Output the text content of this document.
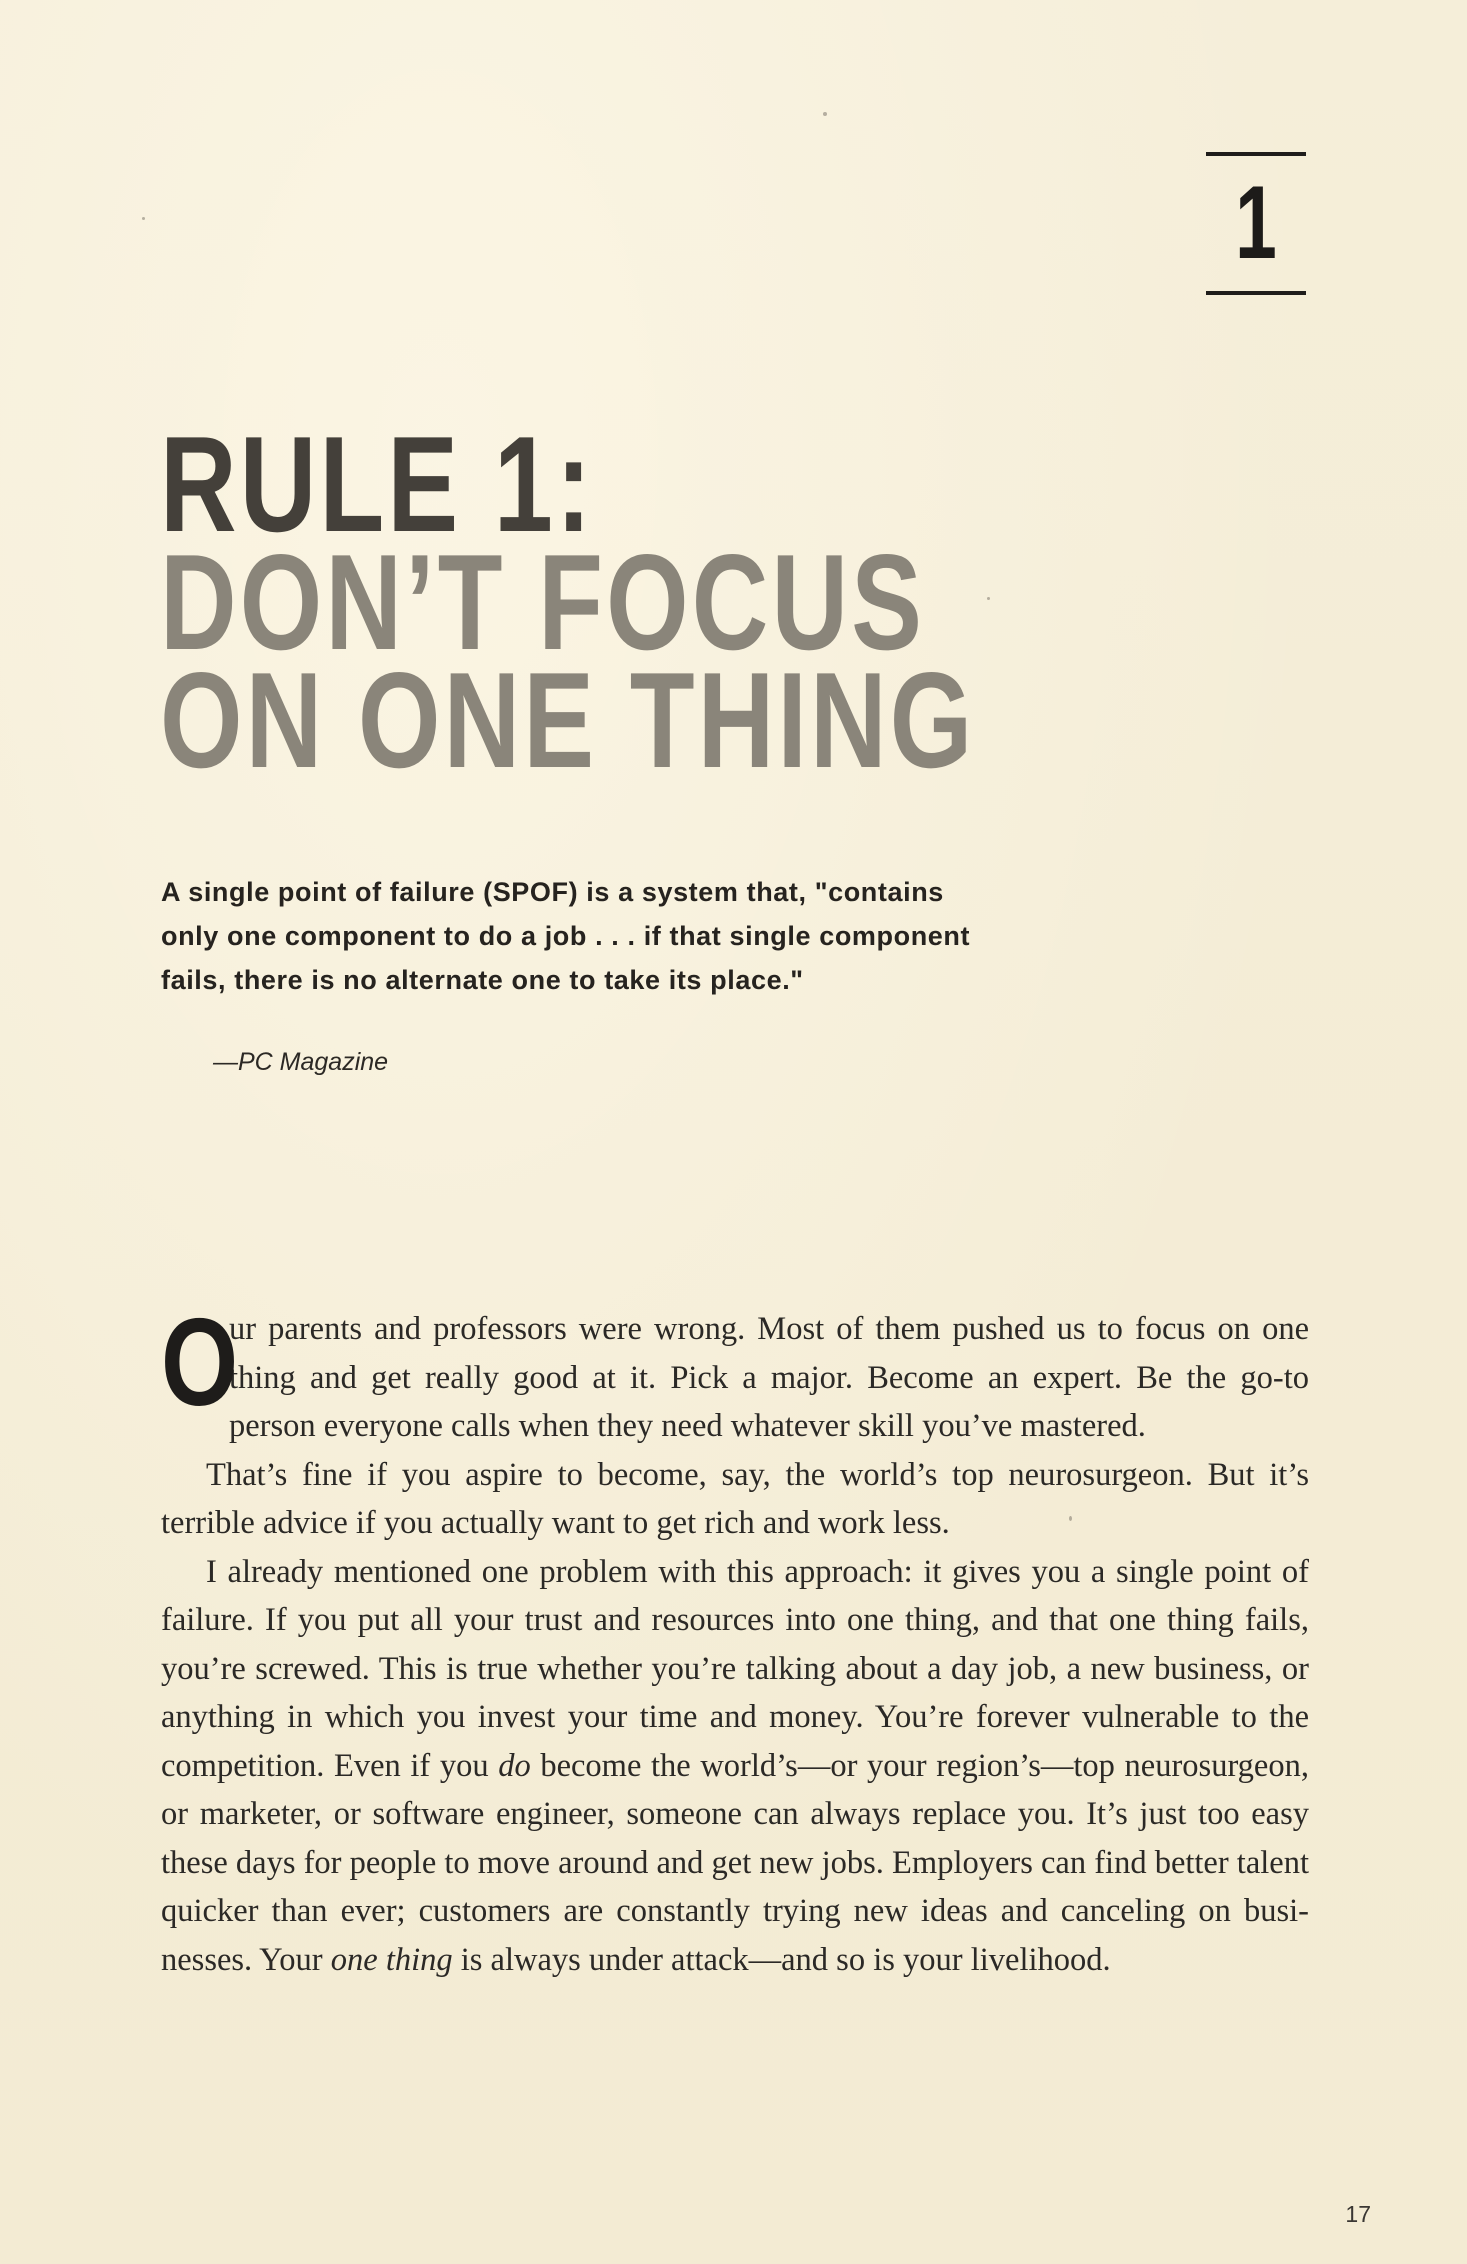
1
RULE 1:
DON’T FOCUS
ON ONE THING
A single point of failure (SPOF) is a system that, "contains
only one component to do a job . . . if that single component
fails, there is no alternate one to take its place."
—PC Magazine

O
ur parents and professors were wrong. Most of them pushed us to focus on one thing and get really good at it. Pick a major. Become an expert. Be the go-to person everyone calls when they need whatever skill you’ve mastered.

That’s fine if you aspire to become, say, the world’s top neurosurgeon. But it’s terrible advice if you actually want to get rich and work less.

I already mentioned one problem with this approach: it gives you a single point of failure. If you put all your trust and resources into one thing, and that one thing fails, you’re screwed. This is true whether you’re talking about a day job, a new business, or anything in which you invest your time and money. You’re forever vulnerable to the competition. Even if you do become the world’s—or your region’s—top neurosurgeon, or marketer, or software engineer, someone can always replace you. It’s just too easy these days for people to move around and get new jobs. Employers can find better talent quicker than ever; customers are constantly trying new ideas and canceling on businesses. Your one thing is always under attack—and so is your livelihood.

17
